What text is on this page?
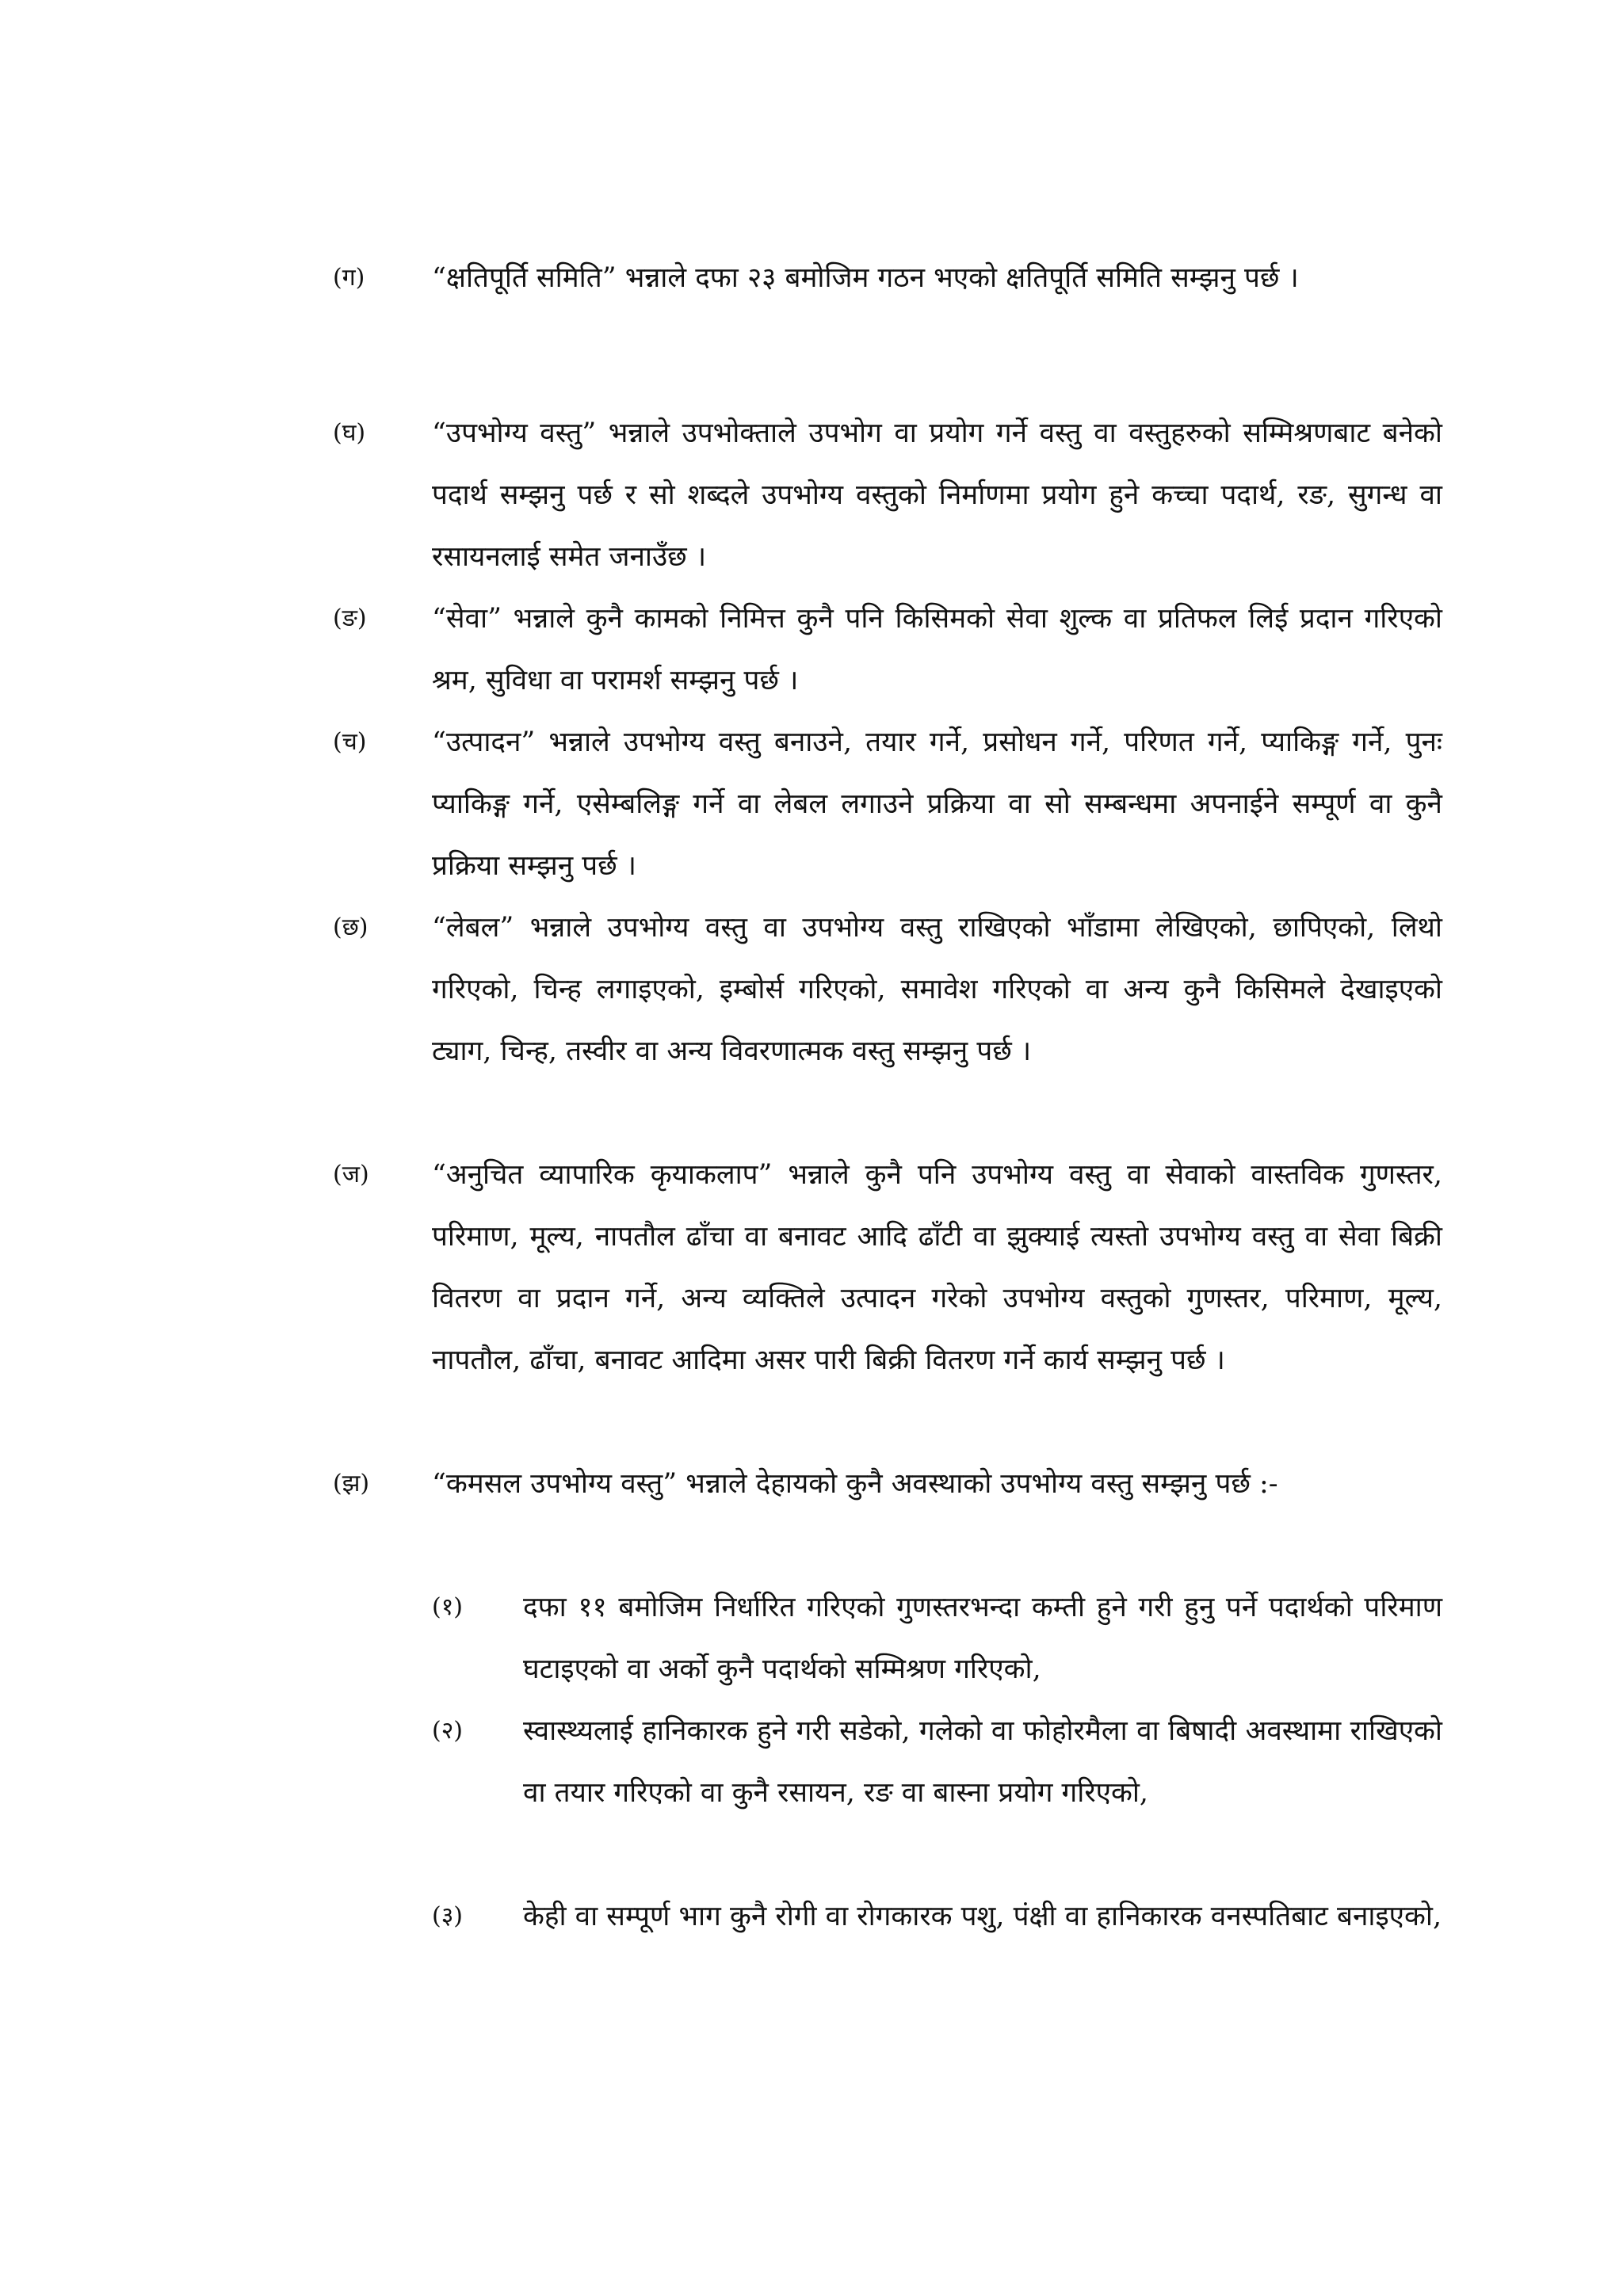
(ग) “क्षतिपूर्ति समिति” भन्नाले दफा २३ बमोजिम गठन भएको क्षतिपूर्ति समिति सम्झनु पर्छ ।
(घ) “उपभोग्य वस्तु” भन्नाले उपभोक्ताले उपभोग वा प्रयोग गर्ने वस्तु वा वस्तुहरुको सम्मिश्रणबाट बनेको पदार्थ सम्झनु पर्छ र सो शब्दले उपभोग्य वस्तुको निर्माणमा प्रयोग हुने कच्चा पदार्थ, रङ, सुगन्ध वा रसायनलाई समेत जनाउँछ ।
(ङ) “सेवा” भन्नाले कुनै कामको निमित्त कुनै पनि किसिमको सेवा शुल्क वा प्रतिफल लिई प्रदान गरिएको श्रम, सुविधा वा परामर्श सम्झनु पर्छ ।
(च) “उत्पादन” भन्नाले उपभोग्य वस्तु बनाउने, तयार गर्ने, प्रसोधन गर्ने, परिणत गर्ने, प्याकिङ्ग गर्ने, पुनः प्याकिङ्ग गर्ने, एसेम्बलिङ्ग गर्ने वा लेबल लगाउने प्रक्रिया वा सो सम्बन्धमा अपनाईने सम्पूर्ण वा कुनै प्रक्रिया सम्झनु पर्छ ।
(छ) “लेबल” भन्नाले उपभोग्य वस्तु वा उपभोग्य वस्तु राखिएको भाँडामा लेखिएको, छापिएको, लिथो गरिएको, चिन्ह लगाइएको, इम्बोर्स गरिएको, समावेश गरिएको वा अन्य कुनै किसिमले देखाइएको ट्याग, चिन्ह, तस्वीर वा अन्य विवरणात्मक वस्तु सम्झनु पर्छ ।
(ज) “अनुचित व्यापारिक कृयाकलाप” भन्नाले कुनै पनि उपभोग्य वस्तु वा सेवाको वास्तविक गुणस्तर, परिमाण, मूल्य, नापतौल ढाँचा वा बनावट आदि ढाँटी वा झुक्याई त्यस्तो उपभोग्य वस्तु वा सेवा बिक्री वितरण वा प्रदान गर्ने, अन्य व्यक्तिले उत्पादन गरेको उपभोग्य वस्तुको गुणस्तर, परिमाण, मूल्य, नापतौल, ढाँचा, बनावट आदिमा असर पारी बिक्री वितरण गर्ने कार्य सम्झनु पर्छ ।
(झ) “कमसल उपभोग्य वस्तु” भन्नाले देहायको कुनै अवस्थाको उपभोग्य वस्तु सम्झनु पर्छ :-
(१) दफा ११ बमोजिम निर्धारित गरिएको गुणस्तरभन्दा कम्ती हुने गरी हुनु पर्ने पदार्थको परिमाण घटाइएको वा अर्को कुनै पदार्थको सम्मिश्रण गरिएको,
(२) स्वास्थ्यलाई हानिकारक हुने गरी सडेको, गलेको वा फोहोरमैला वा बिषादी अवस्थामा राखिएको वा तयार गरिएको वा कुनै रसायन, रङ वा बास्ना प्रयोग गरिएको,
(३) केही वा सम्पूर्ण भाग कुनै रोगी वा रोगकारक पशु, पंक्षी वा हानिकारक वनस्पतिबाट बनाइएको,
